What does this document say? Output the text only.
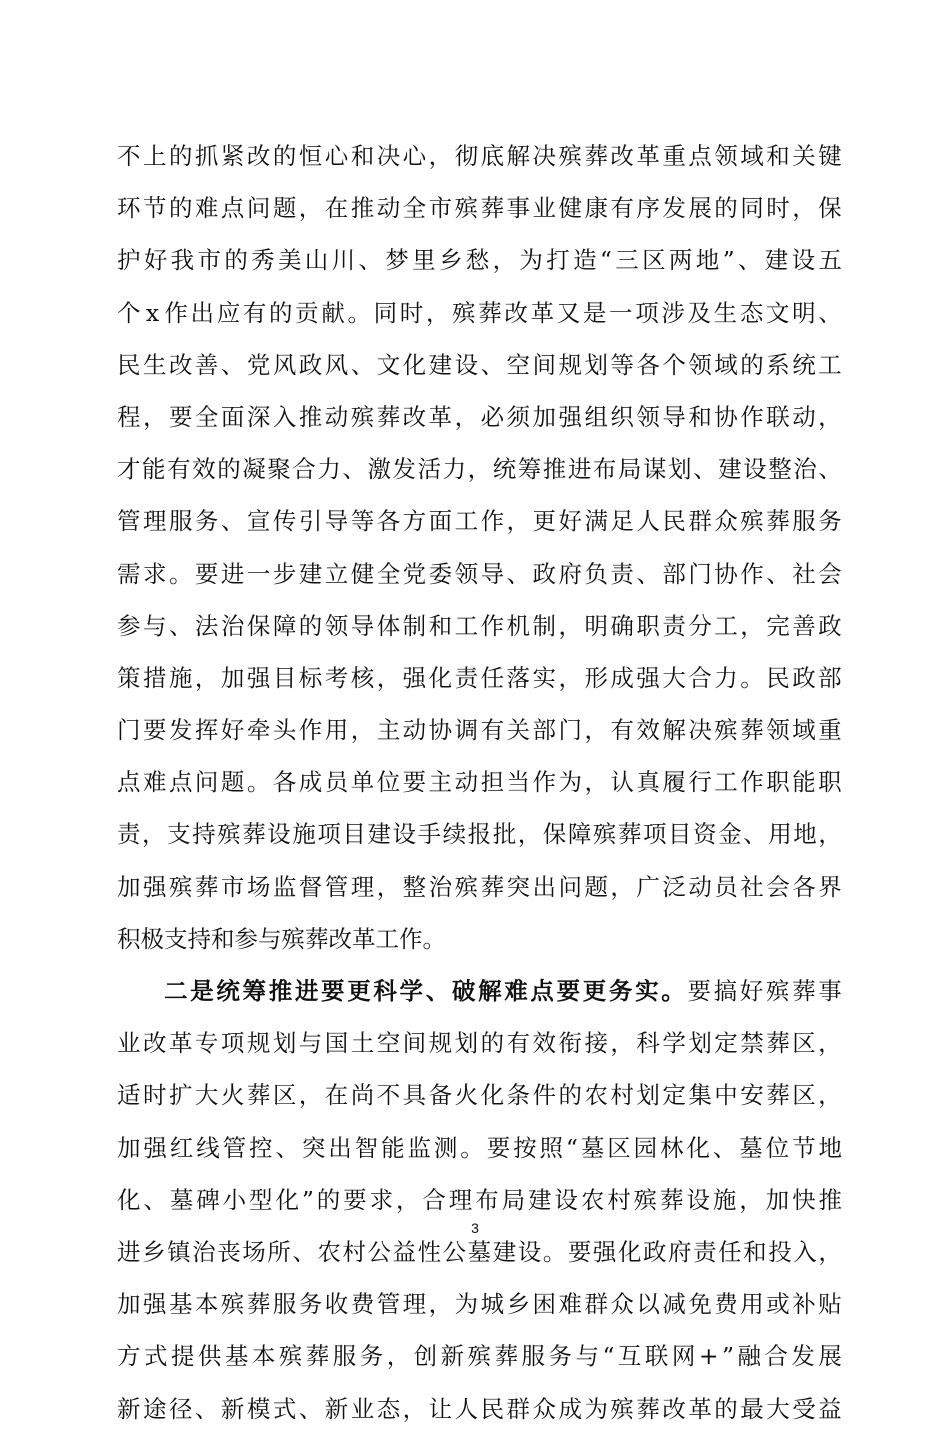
不 上 的 抓 紧 改 的 恒 心 和 决 心 ， 彻 底 解 决 殡 葬 改 革 重 点 领 域 和 关 键
环 节 的 难 点 问 题 ， 在 推 动 全 市 殡 葬 事 业 健 康 有 序 发 展 的 同 时 ， 保
护 好 我 市 的 秀 美 山 川 、 梦 里 乡 愁 ， 为 打 造 “ 三 区 两 地 ” 、 建 设 五
个 x 作 出 应 有 的 贡 献 。 同 时 ， 殡 葬 改 革 又 是 一 项 涉 及 生 态 文 明 、
民 生 改 善 、 党 风 政 风 、 文 化 建 设 、 空 间 规 划 等 各 个 领 域 的 系 统 工
程 ， 要 全 面 深 入 推 动 殡 葬 改 革 ， 必 须 加 强 组 织 领 导 和 协 作 联 动 ，
才 能 有 效 的 凝 聚 合 力 、 激 发 活 力 ， 统 筹 推 进 布 局 谋 划 、 建 设 整 治 、
管 理 服 务 、 宣 传 引 导 等 各 方 面 工 作 ， 更 好 满 足 人 民 群 众 殡 葬 服 务
需 求 。 要 进 一 步 建 立 健 全 党 委 领 导 、 政 府 负 责 、 部 门 协 作 、 社 会
参 与 、 法 治 保 障 的 领 导 体 制 和 工 作 机 制 ， 明 确 职 责 分 工 ， 完 善 政
策 措 施 ， 加 强 目 标 考 核 ， 强 化 责 任 落 实 ， 形 成 强 大 合 力 。 民 政 部
门 要 发 挥 好 牵 头 作 用 ， 主 动 协 调 有 关 部 门 ， 有 效 解 决 殡 葬 领 域 重
点 难 点 问 题 。 各 成 员 单 位 要 主 动 担 当 作 为 ， 认 真 履 行 工 作 职 能 职
责 ， 支 持 殡 葬 设 施 项 目 建 设 手 续 报 批 ， 保 障 殡 葬 项 目 资 金 、 用 地 ，
加 强 殡 葬 市 场 监 督 管 理 ， 整 治 殡 葬 突 出 问 题 ， 广 泛 动 员 社 会 各 界
积极支持和参与殡葬改革工作。
二 是 统 筹 推 进 要 更 科 学 、 破 解 难 点 要 更 务 实 。 要 搞 好 殡 葬 事
业 改 革 专 项 规 划 与 国 土 空 间 规 划 的 有 效 衔 接 ， 科 学 划 定 禁 葬 区 ，
适 时 扩 大 火 葬 区 ， 在 尚 不 具 备 火 化 条 件 的 农 村 划 定 集 中 安 葬 区 ，
加 强 红 线 管 控 、 突 出 智 能 监 测 。 要 按 照 “ 墓 区 园 林 化 、 墓 位 节 地
化 、 墓 碑 小 型 化 ” 的 要 求 ， 合 理 布 局 建 设 农 村 殡 葬 设 施 ， 加 快 推
进 乡 镇 治 丧 场 所 、 农 村 公 益 性 公 墓 建 设 。 要 强 化 政 府 责 任 和 投 入 ，
加 强 基 本 殡 葬 服 务 收 费 管 理 ， 为 城 乡 困 难 群 众 以 减 免 费 用 或 补 贴
方 式 提 供 基 本 殡 葬 服 务 ， 创 新 殡 葬 服 务 与 “ 互 联 网 + ” 融 合 发 展
新 途 径 、 新 模 式 、 新 业 态 ， 让 人 民 群 众 成 为 殡 葬 改 革 的 最 大 受 益
3
